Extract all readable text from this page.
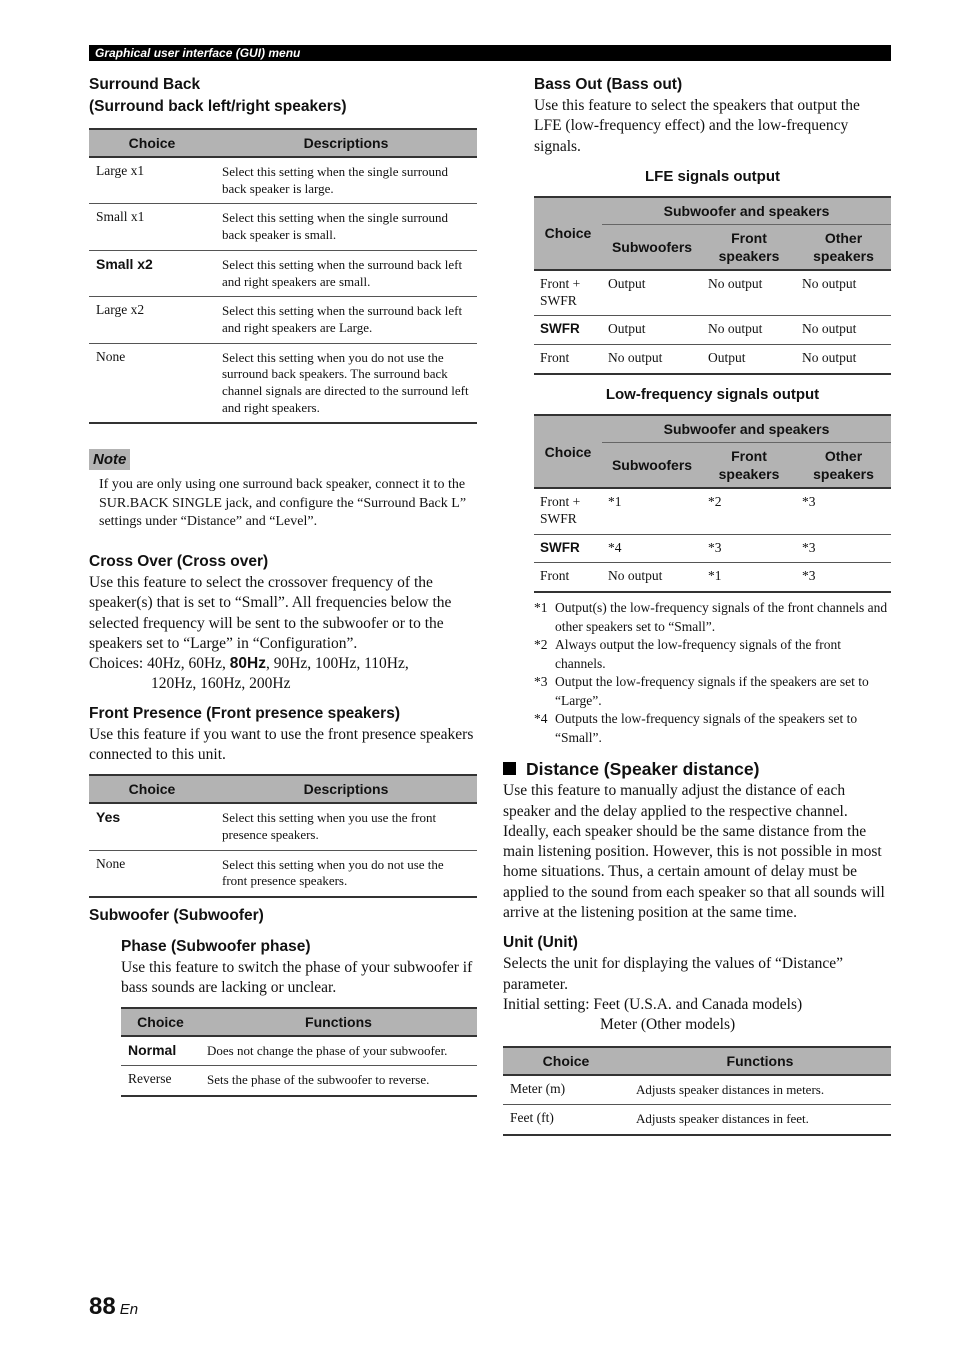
Graphical user interface (GUI) menu
Surround Back
(Surround back left/right speakers)
Choice	Descriptions
Large x1	Select this setting when the single surround back speaker is large.
Small x1	Select this setting when the single surround back speaker is small.
Small x2	Select this setting when the surround back left and right speakers are small.
Large x2	Select this setting when the surround back left and right speakers are Large.
None	Select this setting when you do not use the surround back speakers. The surround back channel signals are directed to the surround left and right speakers.
Note
If you are only using one surround back speaker, connect it to the SUR.BACK SINGLE jack, and configure the “Surround Back L” settings under “Distance” and “Level”.
Cross Over (Cross over)
Use this feature to select the crossover frequency of the speaker(s) that is set to “Small”. All frequencies below the selected frequency will be sent to the subwoofer or to the speakers set to “Large” in “Configuration”.
Choices: 40Hz, 60Hz, 80Hz, 90Hz, 100Hz, 110Hz,
120Hz, 160Hz, 200Hz
Front Presence (Front presence speakers)
Use this feature if you want to use the front presence speakers connected to this unit.
Choice	Descriptions
Yes	Select this setting when you use the front presence speakers.
None	Select this setting when you do not use the front presence speakers.
Subwoofer (Subwoofer)
Phase (Subwoofer phase)
Use this feature to switch the phase of your subwoofer if bass sounds are lacking or unclear.
Choice	Functions
Normal	Does not change the phase of your subwoofer.
Reverse	Sets the phase of the subwoofer to reverse.
Bass Out (Bass out)
Use this feature to select the speakers that output the LFE (low-frequency effect) and the low-frequency signals.
LFE signals output
Choice	Subwoofer and speakers		
	Subwoofers	Front speakers	Other speakers
Front + SWFR	Output	No output	No output
SWFR	Output	No output	No output
Front	No output	Output	No output
Low-frequency signals output
Choice	Subwoofer and speakers		
	Subwoofers	Front speakers	Other speakers
Front + SWFR	*1	*2	*3
SWFR	*4	*3	*3
Front	No output	*1	*3
*1 Output(s) the low-frequency signals of the front channels and other speakers set to “Small”.
*2 Always output the low-frequency signals of the front channels.
*3 Output the low-frequency signals if the speakers are set to “Large”.
*4 Outputs the low-frequency signals of the speakers set to “Small”.
Distance (Speaker distance)
Use this feature to manually adjust the distance of each speaker and the delay applied to the respective channel. Ideally, each speaker should be the same distance from the main listening position. However, this is not possible in most home situations. Thus, a certain amount of delay must be applied to the sound from each speaker so that all sounds will arrive at the listening position at the same time.
Unit (Unit)
Selects the unit for displaying the values of “Distance” parameter.
Initial setting: Feet (U.S.A. and Canada models)
Meter (Other models)
Choice	Functions
Meter (m)	Adjusts speaker distances in meters.
Feet (ft)	Adjusts speaker distances in feet.
88 En
